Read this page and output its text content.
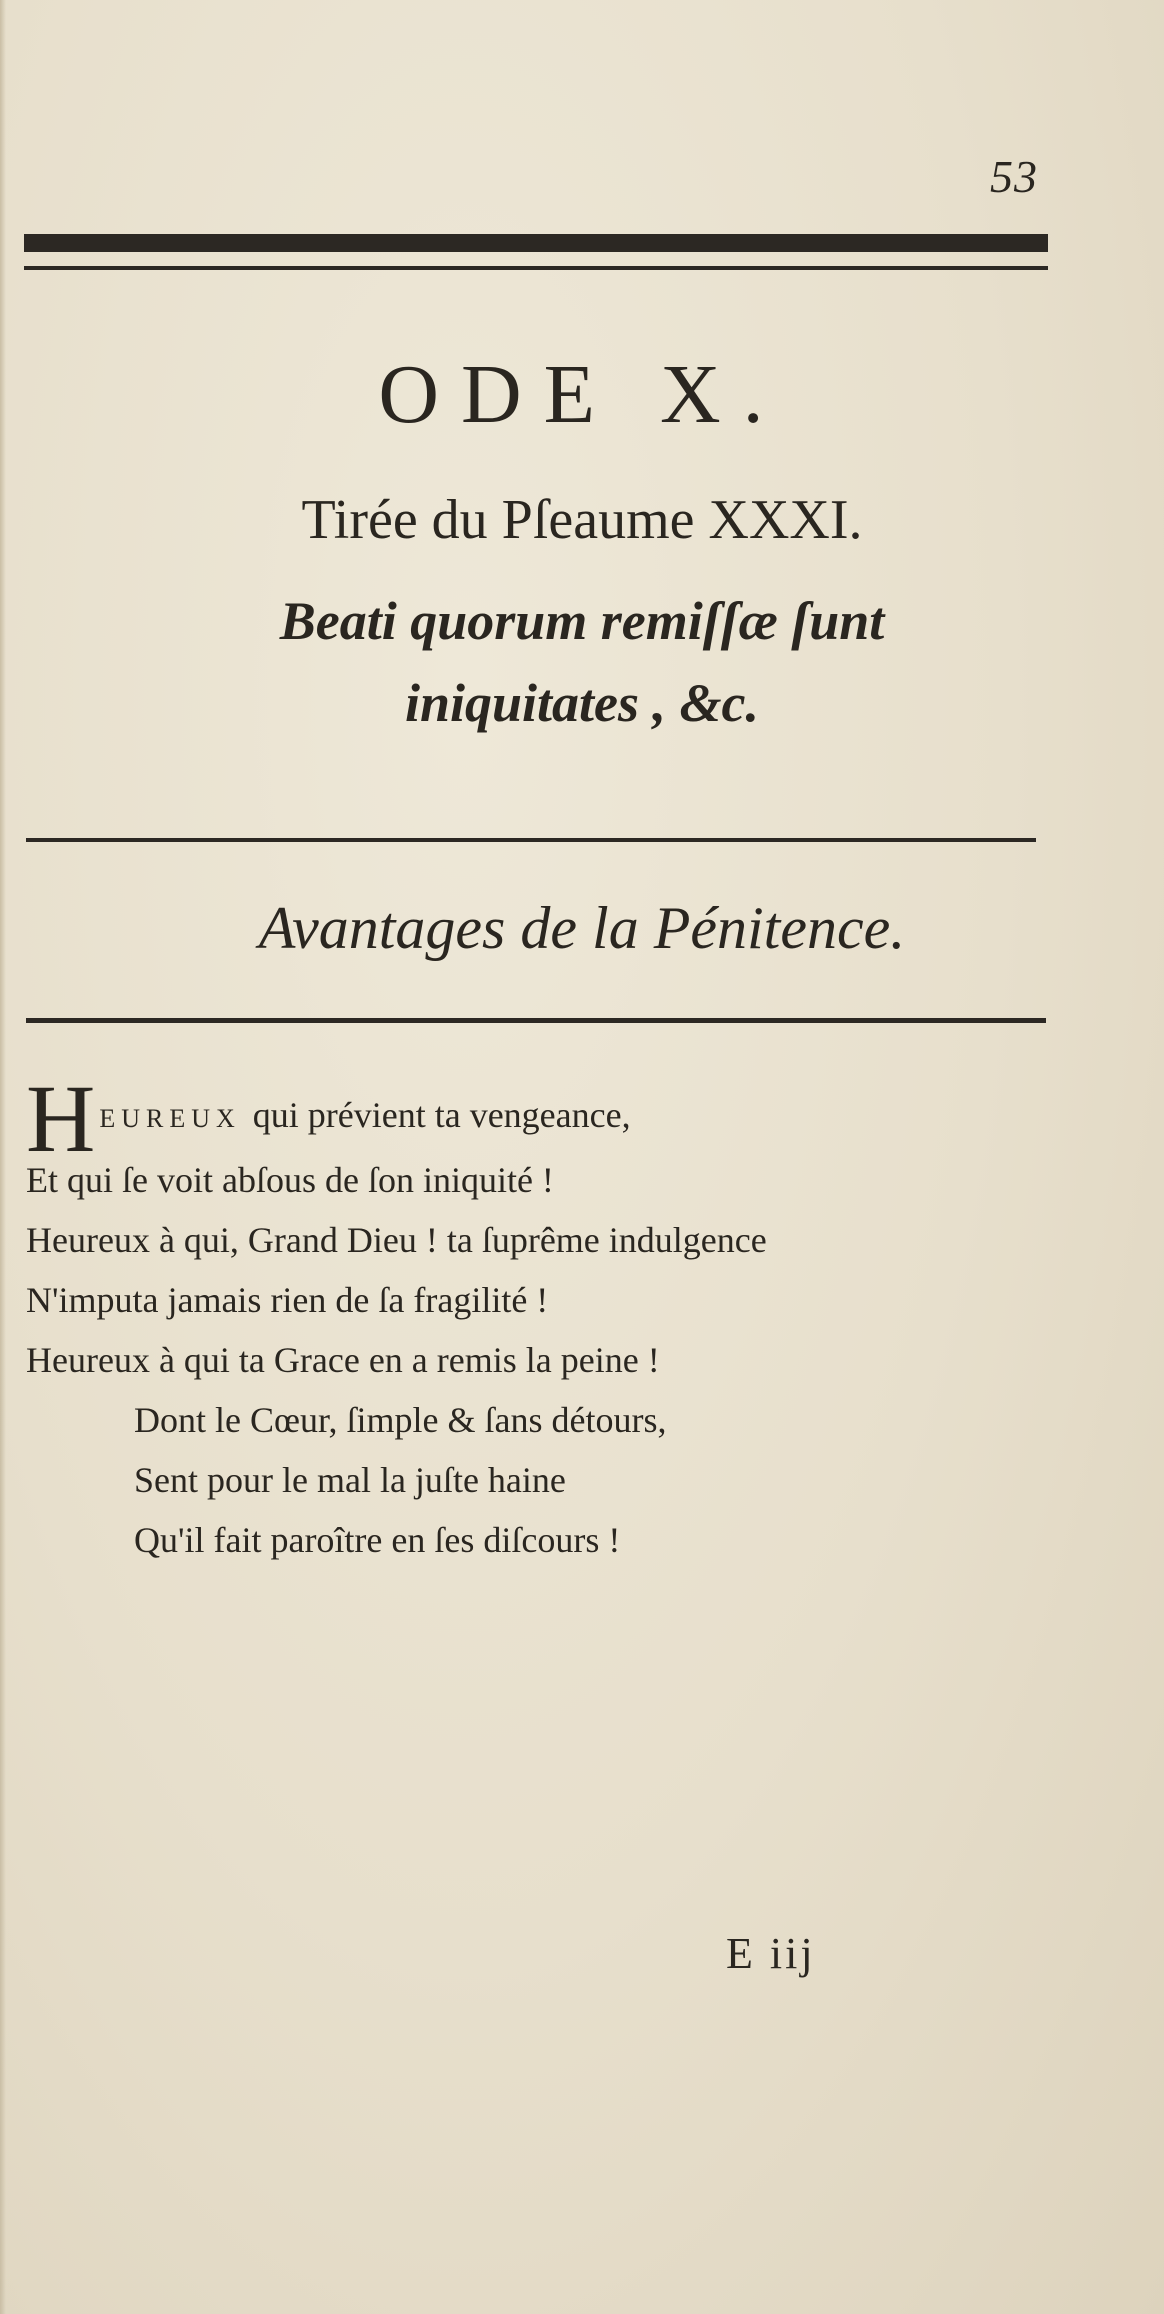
53
ODE X.
Tirée du Pſeaume XXXI.
Beati quorum remiſſæ ſunt
iniquitates , &c.
Avantages de la Pénitence.
HEUREUX qui prévient ta vengeance,
Et qui ſe voit abſous de ſon iniquité !
Heureux à qui, Grand Dieu ! ta ſuprême indulgence
N'imputa jamais rien de ſa fragilité !
Heureux à qui ta Grace en a remis la peine !
Dont le Cœur, ſimple & ſans détours,
Sent pour le mal la juſte haine
Qu'il fait paroître en ſes diſcours !
E iij
